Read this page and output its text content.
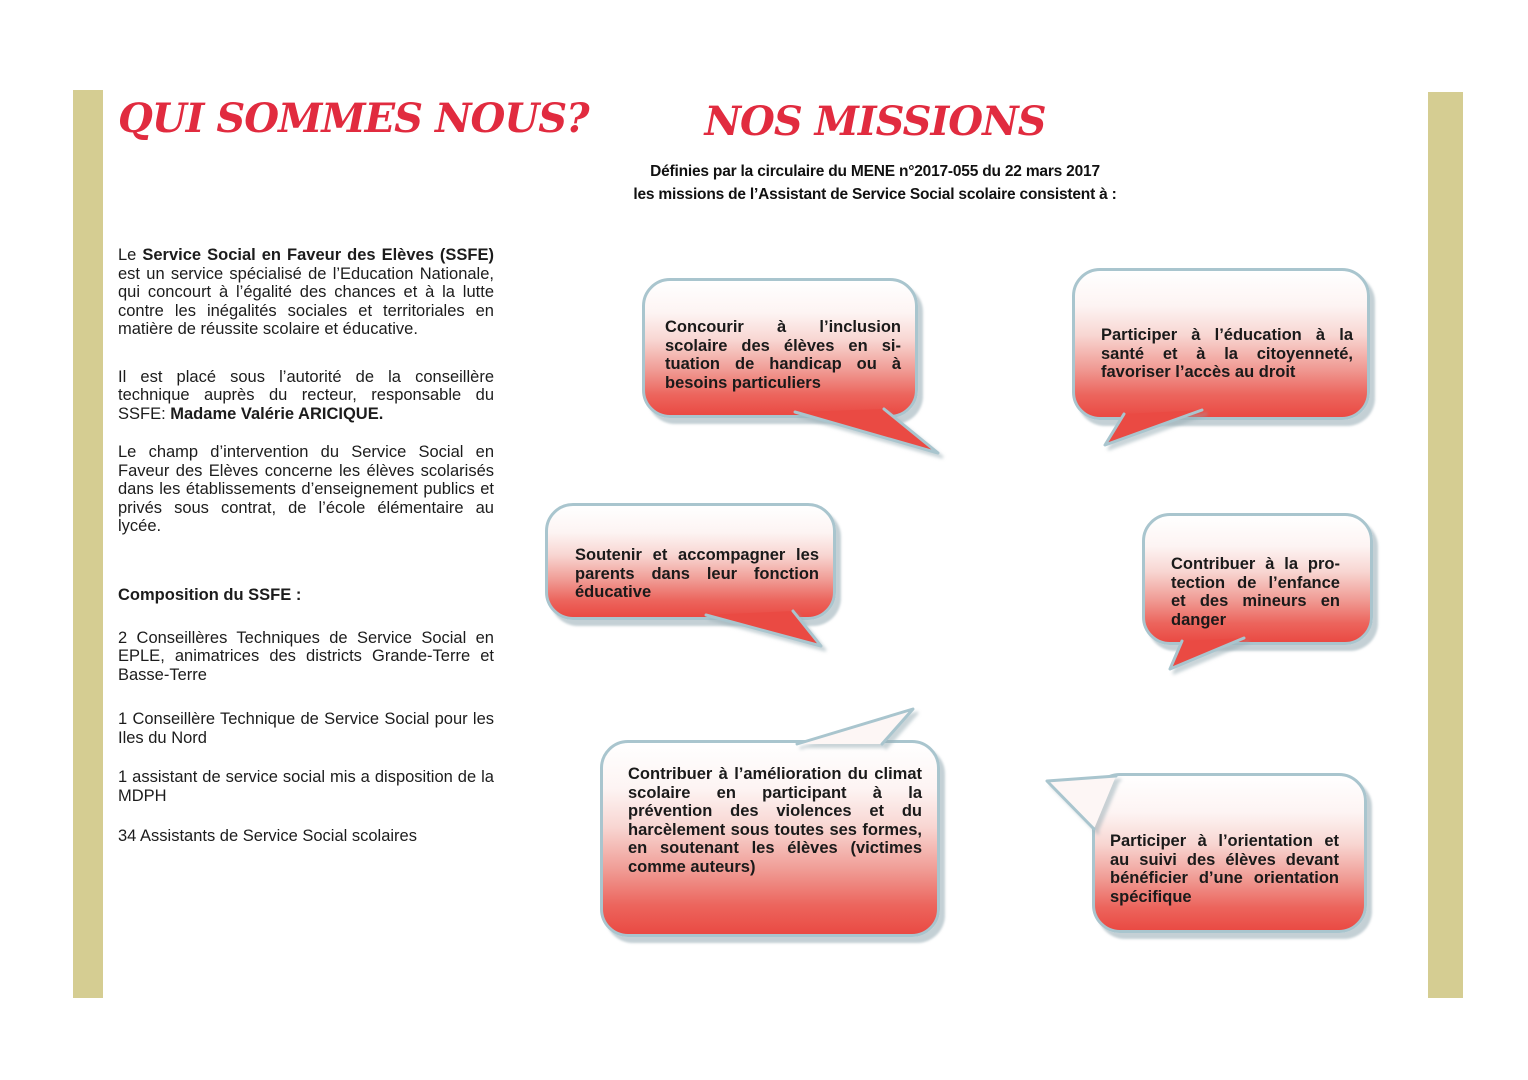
QUI SOMMES NOUS?

Le Service Social en Faveur des Elèves (SSFE) est un service spécialisé de l’Education Nationale, qui concourt à l’égalité des chances et à la lutte contre les inégalités sociales et territoriales en matière de réussite scolaire et éducative.

Il est placé sous l’autorité de la conseillère technique auprès du recteur, responsable du SSFE: Madame Valérie ARICIQUE.

Le champ d’intervention du Service Social en Faveur des Elèves concerne les élèves scolarisés dans les établissements d’enseignement publics et privés sous contrat, de l’école élémentaire au lycée.

Composition du SSFE :

2 Conseillères Techniques de Service Social en EPLE, animatrices des districts Grande-Terre et Basse-Terre

1 Conseillère Technique de Service Social pour les Iles du Nord

1 assistant de service social mis a disposition de la MDPH

34 Assistants de Service Social scolaires

NOS MISSIONS

Définies par la circulaire du MENE n°2017-055 du 22 mars 2017
les missions de l’Assistant de Service Social scolaire consistent à :

Concourir à l’inclusion scolaire des élèves en situation de handicap ou à besoins particuliers

Participer à l’éducation à la santé et à la citoyenneté, favoriser l’accès au droit

Soutenir et accompagner les parents dans leur fonction éducative

Contribuer à la protection de l’enfance et des mineurs en danger

Contribuer à l’amélioration du climat scolaire en participant à la prévention des violences et du harcèlement sous toutes ses formes, en soutenant les élèves (victimes comme auteurs)

Participer à l’orientation et au suivi des élèves devant bénéficier d’une orientation spécifique
